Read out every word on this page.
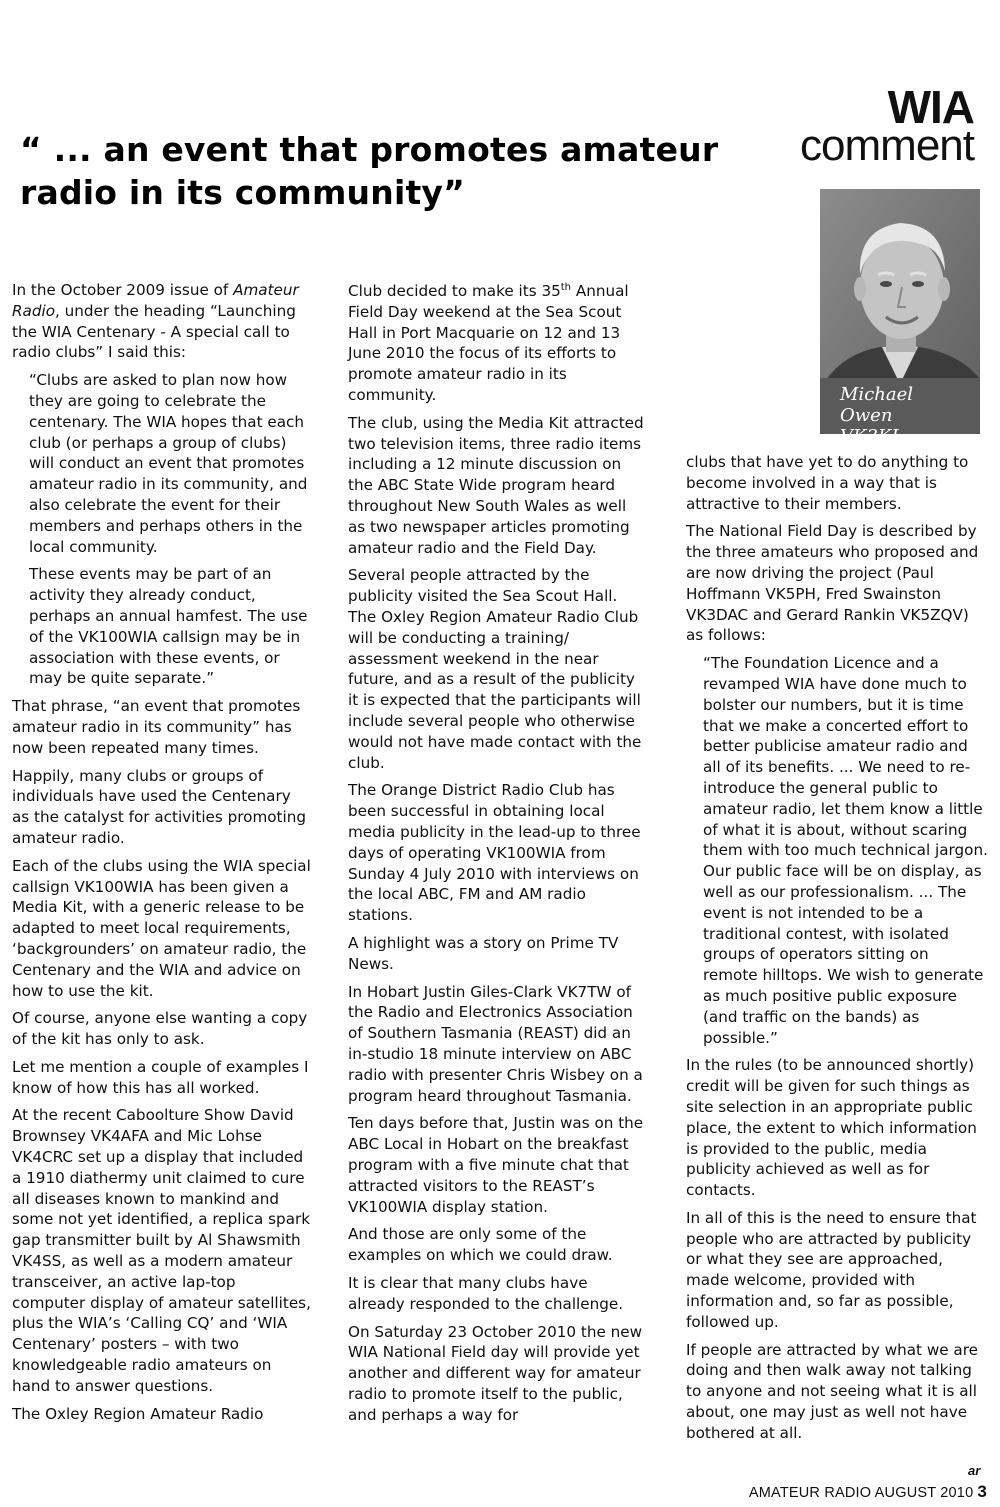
“ ... an event that promotes amateur radio in its community”
WIA
comment
Michael Owen
VK3KI

In the October 2009 issue of Amateur Radio, under the heading “Launching the WIA Centenary - A special call to radio clubs” I said this:

“Clubs are asked to plan now how they are going to celebrate the centenary. The WIA hopes that each club (or perhaps a group of clubs) will conduct an event that promotes amateur radio in its community, and also celebrate the event for their members and perhaps others in the local community.

These events may be part of an activity they already conduct, perhaps an annual hamfest. The use of the VK100WIA callsign may be in association with these events, or may be quite separate.”

That phrase, “an event that promotes amateur radio in its community” has now been repeated many times.

Happily, many clubs or groups of individuals have used the Centenary as the catalyst for activities promoting amateur radio.

Each of the clubs using the WIA special callsign VK100WIA has been given a Media Kit, with a generic release to be adapted to meet local requirements, ‘backgrounders’ on amateur radio, the Centenary and the WIA and advice on how to use the kit.

Of course, anyone else wanting a copy of the kit has only to ask.

Let me mention a couple of examples I know of how this has all worked.

At the recent Caboolture Show David Brownsey VK4AFA and Mic Lohse VK4CRC set up a display that included a 1910 diathermy unit claimed to cure all diseases known to mankind and some not yet identified, a replica spark gap transmitter built by Al Shawsmith VK4SS, as well as a modern amateur transceiver, an active lap-top computer display of amateur satellites, plus the WIA’s ‘Calling CQ’ and ‘WIA Centenary’ posters – with two knowledgeable radio amateurs on hand to answer questions.

The Oxley Region Amateur Radio

Club decided to make its 35th Annual Field Day weekend at the Sea Scout Hall in Port Macquarie on 12 and 13 June 2010 the focus of its efforts to promote amateur radio in its community.

The club, using the Media Kit attracted two television items, three radio items including a 12 minute discussion on the ABC State Wide program heard throughout New South Wales as well as two newspaper articles promoting amateur radio and the Field Day.

Several people attracted by the publicity visited the Sea Scout Hall. The Oxley Region Amateur Radio Club will be conducting a training/ assessment weekend in the near future, and as a result of the publicity it is expected that the participants will include several people who otherwise would not have made contact with the club.

The Orange District Radio Club has been successful in obtaining local media publicity in the lead-up to three days of operating VK100WIA from Sunday 4 July 2010 with interviews on the local ABC, FM and AM radio stations.

A highlight was a story on Prime TV News.

In Hobart Justin Giles-Clark VK7TW of the Radio and Electronics Association of Southern Tasmania (REAST) did an in-studio 18 minute interview on ABC radio with presenter Chris Wisbey on a program heard throughout Tasmania.

Ten days before that, Justin was on the ABC Local in Hobart on the breakfast program with a five minute chat that attracted visitors to the REAST’s VK100WIA display station.

And those are only some of the examples on which we could draw.

It is clear that many clubs have already responded to the challenge.

On Saturday 23 October 2010 the new WIA National Field day will provide yet another and different way for amateur radio to promote itself to the public, and perhaps a way for

clubs that have yet to do anything to become involved in a way that is attractive to their members.

The National Field Day is described by the three amateurs who proposed and are now driving the project (Paul Hoffmann VK5PH, Fred Swainston VK3DAC and Gerard Rankin VK5ZQV) as follows:

“The Foundation Licence and a revamped WIA have done much to bolster our numbers, but it is time that we make a concerted effort to better publicise amateur radio and all of its benefits. ... We need to re-introduce the general public to amateur radio, let them know a little of what it is about, without scaring them with too much technical jargon. Our public face will be on display, as well as our professionalism. ... The event is not intended to be a traditional contest, with isolated groups of operators sitting on remote hilltops. We wish to generate as much positive public exposure (and traffic on the bands) as possible.”

In the rules (to be announced shortly) credit will be given for such things as site selection in an appropriate public place, the extent to which information is provided to the public, media publicity achieved as well as for contacts.

In all of this is the need to ensure that people who are attracted by publicity or what they see are approached, made welcome, provided with information and, so far as possible, followed up.

If people are attracted by what we are doing and then walk away not talking to anyone and not seeing what it is all about, one may just as well not have bothered at all.

ar
AMATEUR RADIO AUGUST 2010 3
